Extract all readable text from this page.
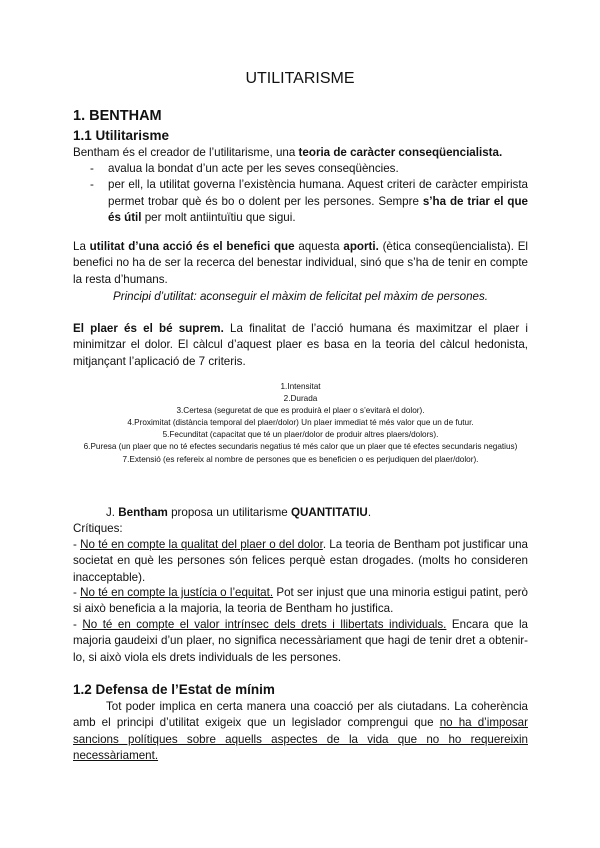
UTILITARISME
1. BENTHAM
1.1 Utilitarisme
Bentham és el creador de l’utilitarisme, una teoria de caràcter conseqüencialista.
- avalua la bondat d’un acte per les seves conseqüències.
- per ell, la utilitat governa l’existència humana. Aquest criteri de caràcter empirista permet trobar què és bo o dolent per les persones. Sempre s’ha de triar el que és útil per molt antiintuïtiu que sigui.
La utilitat d’una acció és el benefici que aquesta aporti. (ètica conseqüencialista). El benefici no ha de ser la recerca del benestar individual, sinó que s’ha de tenir en compte la resta d’humans.
Principi d’utilitat: aconseguir el màxim de felicitat pel màxim de persones.
El plaer és el bé suprem. La finalitat de l’acció humana és maximitzar el plaer i minimitzar el dolor. El càlcul d’aquest plaer es basa en la teoria del càlcul hedonista, mitjançant l’aplicació de 7 criteris.
1.Intensitat
2.Durada
3.Certesa (seguretat de que es produirà el plaer o s’evitarà el dolor).
4.Proximitat (distància temporal del plaer/dolor) Un plaer immediat té més valor que un de futur.
5.Fecunditat (capacitat que té un plaer/dolor de produir altres plaers/dolors).
6.Puresa (un plaer que no té efectes secundaris negatius té més calor que un plaer que té efectes secundaris negatius)
7.Extensió (es refereix al nombre de persones que es beneficien o es perjudiquen del plaer/dolor).
J. Bentham proposa un utilitarisme QUANTITATIU.
Crítiques:
- No té en compte la qualitat del plaer o del dolor. La teoria de Bentham pot justificar una societat en què les persones són felices perquè estan drogades. (molts ho consideren inacceptable).
- No té en compte la justícia o l’equitat. Pot ser injust que una minoria estigui patint, però si això beneficia a la majoria, la teoria de Bentham ho justifica.
- No té en compte el valor intrínsec dels drets i llibertats individuals. Encara que la majoria gaudeixi d’un plaer, no significa necessàriament que hagi de tenir dret a obtenir-lo, si això viola els drets individuals de les persones.
1.2 Defensa de l’Estat de mínim
Tot poder implica en certa manera una coacció per als ciutadans. La coherència amb el principi d’utilitat exigeix que un legislador comprengui que no ha d’imposar sancions polítiques sobre aquells aspectes de la vida que no ho requereixin necessàriament.
